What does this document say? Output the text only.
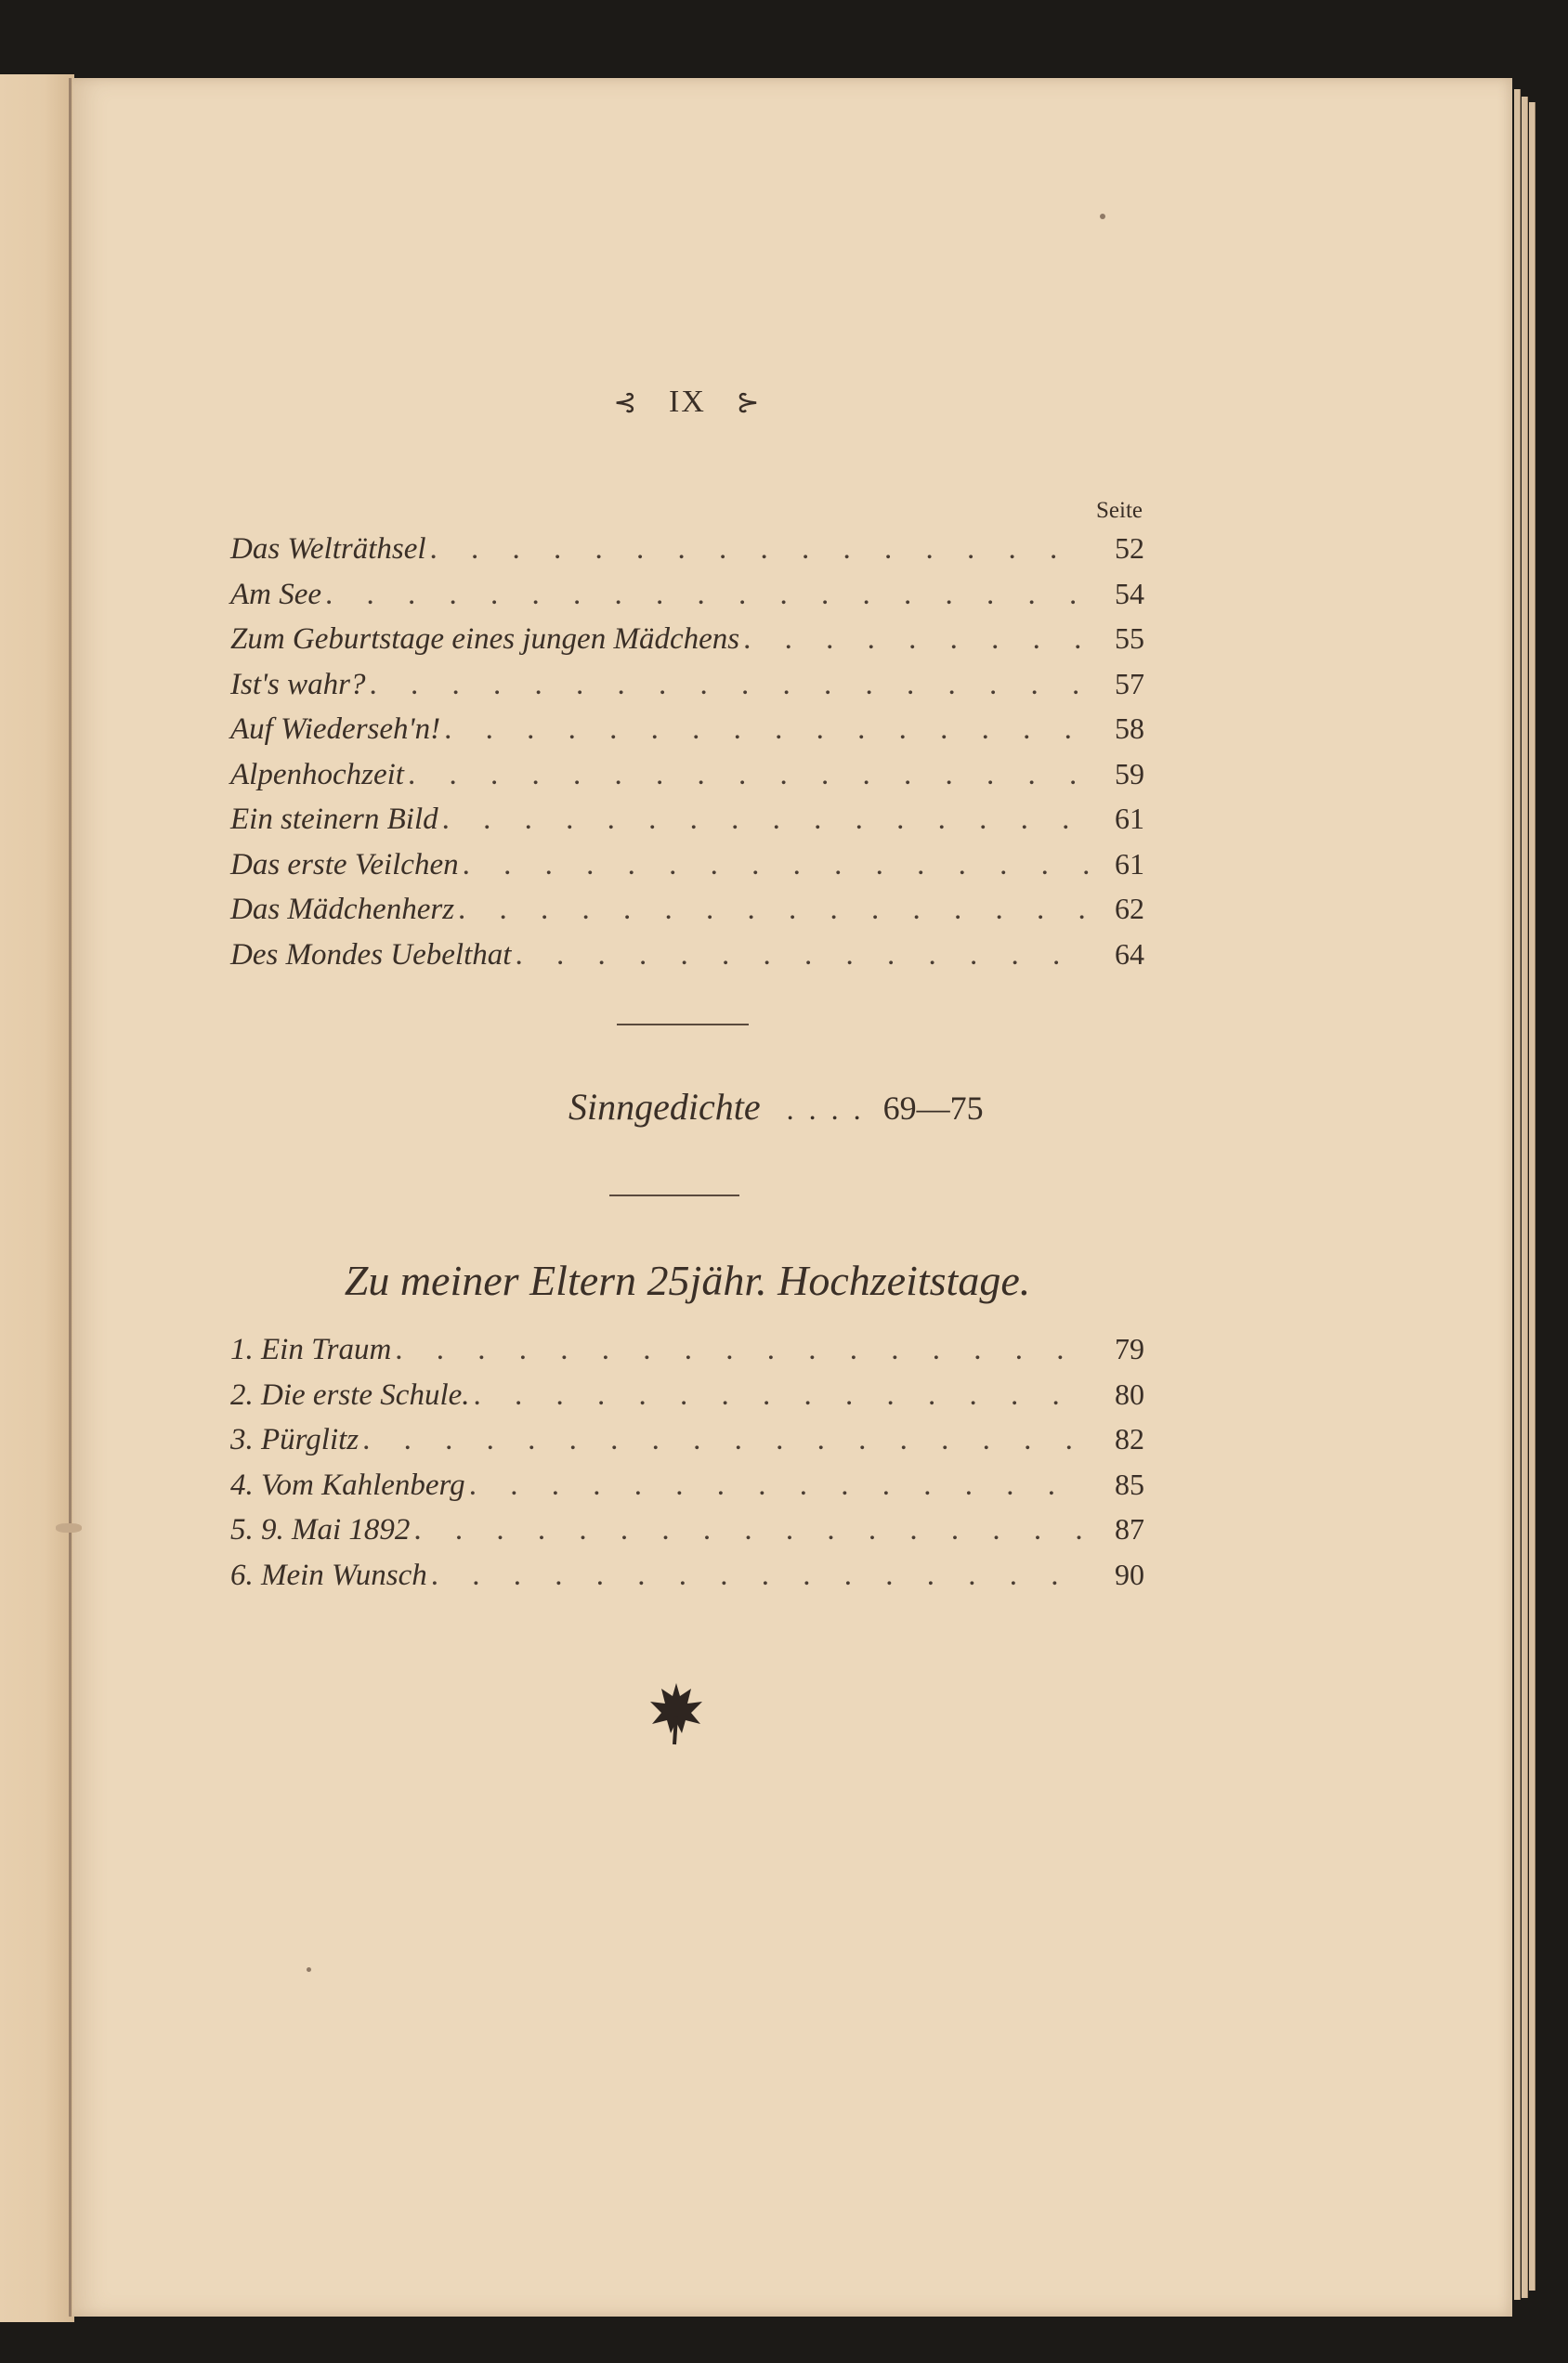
⊰ IX ⊱
Seite
Das Welträthsel . . .	52
Am See . . .	54
Zum Geburtstage eines jungen Mädchens . . .	55
Ist's wahr? . . .	57
Auf Wiederseh'n! . . .	58
Alpenhochzeit . . .	59
Ein steinern Bild . . .	61
Das erste Veilchen . . .	61
Das Mädchenherz . . .	62
Des Mondes Uebelthat . . .	64
Sinngedichte .... 69—75
Zu meiner Eltern 25jähr. Hochzeitstage.
1. Ein Traum . . .	79
2. Die erste Schule. . . .	80
3. Pürglitz . . .	82
4. Vom Kahlenberg . . .	85
5. 9. Mai 1892 . . .	87
6. Mein Wunsch . . .	90
